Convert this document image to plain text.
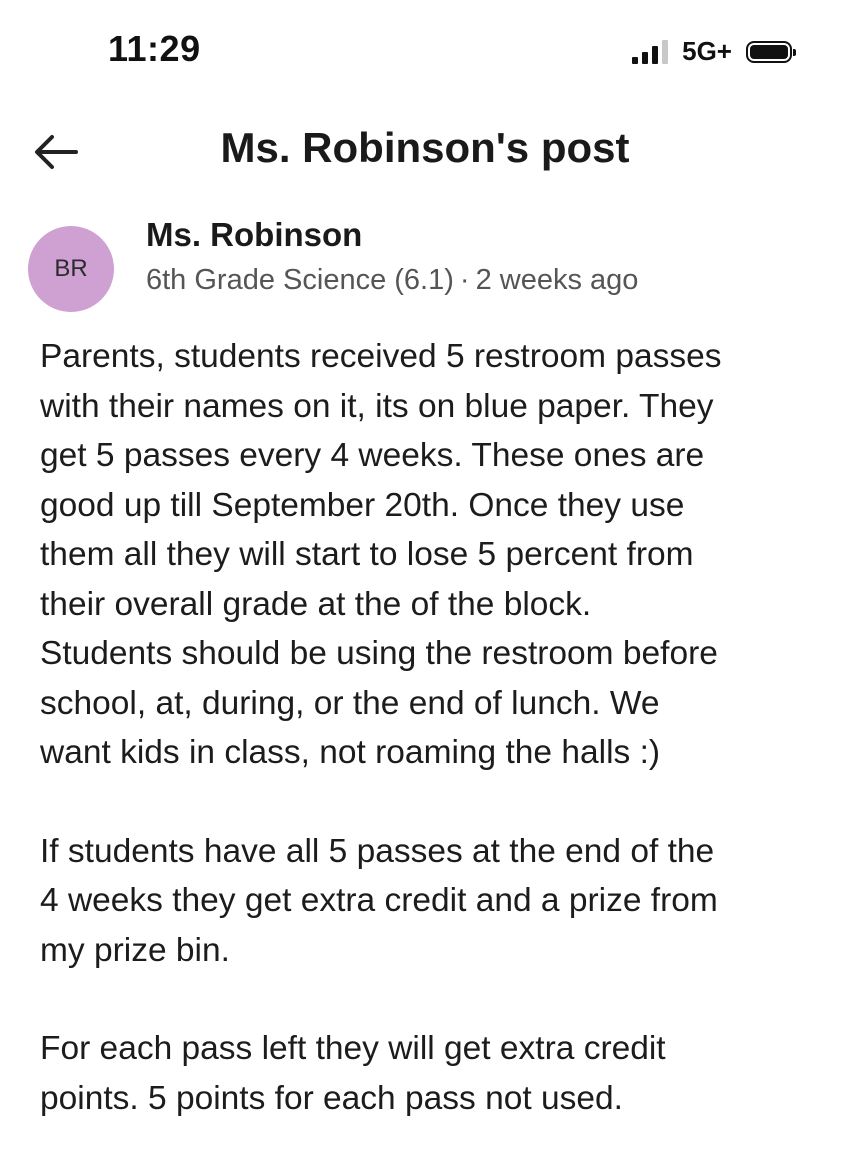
11:29	5G+
Ms. Robinson's post
BR
Ms. Robinson
6th Grade Science (6.1) · 2 weeks ago

Parents, students received 5 restroom passes
with their names on it, its on blue paper. They
get 5 passes every 4 weeks. These ones are
good up till September 20th. Once they use
them all they will start to lose 5 percent from
their overall grade at the of the block.
Students should be using the restroom before
school, at, during, or the end of lunch. We
want kids in class, not roaming the halls :)

If students have all 5 passes at the end of the
4 weeks they get extra credit and a prize from
my prize bin.

For each pass left they will get extra credit
points. 5 points for each pass not used.
